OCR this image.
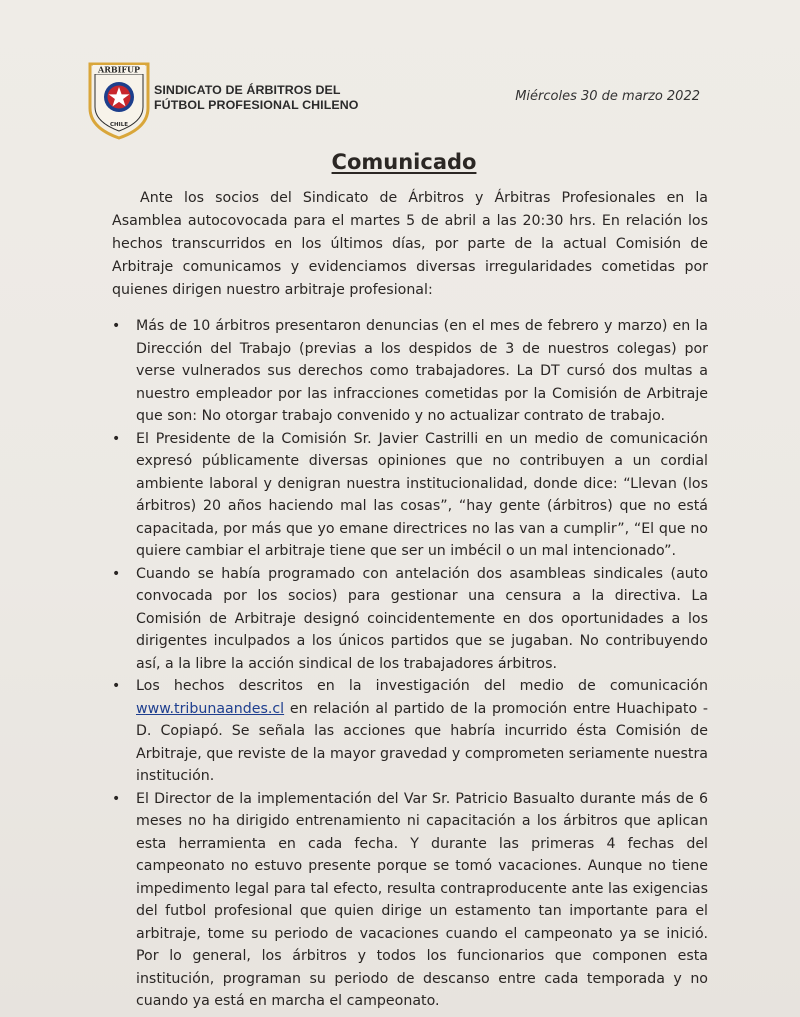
ARBIFUP
CHILE
SINDICATO DE ÁRBITROS DEL
FÚTBOL PROFESIONAL CHILENO
Miércoles 30 de marzo 2022
Comunicado

Ante los socios del Sindicato de Árbitros y Árbitras Profesionales en la Asamblea autocovocada para el martes 5 de abril a las 20:30 hrs. En relación los hechos transcurridos en los últimos días, por parte de la actual Comisión de Arbitraje comunicamos y evidenciamos diversas irregularidades cometidas por quienes dirigen nuestro arbitraje profesional:

• Más de 10 árbitros presentaron denuncias (en el mes de febrero y marzo) en la Dirección del Trabajo (previas a los despidos de 3 de nuestros colegas) por verse vulnerados sus derechos como trabajadores. La DT cursó dos multas a nuestro empleador por las infracciones cometidas por la Comisión de Arbitraje que son: No otorgar trabajo convenido y no actualizar contrato de trabajo.
• El Presidente de la Comisión Sr. Javier Castrilli en un medio de comunicación expresó públicamente diversas opiniones que no contribuyen a un cordial ambiente laboral y denigran nuestra institucionalidad, donde dice: “Llevan (los árbitros) 20 años haciendo mal las cosas”, “hay gente (árbitros) que no está capacitada, por más que yo emane directrices no las van a cumplir”, “El que no quiere cambiar el arbitraje tiene que ser un imbécil o un mal intencionado”.
• Cuando se había programado con antelación dos asambleas sindicales (auto convocada por los socios) para gestionar una censura a la directiva. La Comisión de Arbitraje designó coincidentemente en dos oportunidades a los dirigentes inculpados a los únicos partidos que se jugaban. No contribuyendo así, a la libre la acción sindical de los trabajadores árbitros.
• Los hechos descritos en la investigación del medio de comunicación www.tribunaandes.cl en relación al partido de la promoción entre Huachipato - D. Copiapó. Se señala las acciones que habría incurrido ésta Comisión de Arbitraje, que reviste de la mayor gravedad y comprometen seriamente nuestra institución.
• El Director de la implementación del Var Sr. Patricio Basualto durante más de 6 meses no ha dirigido entrenamiento ni capacitación a los árbitros que aplican esta herramienta en cada fecha. Y durante las primeras 4 fechas del campeonato no estuvo presente porque se tomó vacaciones. Aunque no tiene impedimento legal para tal efecto, resulta contraproducente ante las exigencias del futbol profesional que quien dirige un estamento tan importante para el arbitraje, tome su periodo de vacaciones cuando el campeonato ya se inició. Por lo general, los árbitros y todos los funcionarios que componen esta institución, programan su periodo de descanso entre cada temporada y no cuando ya está en marcha el campeonato.
